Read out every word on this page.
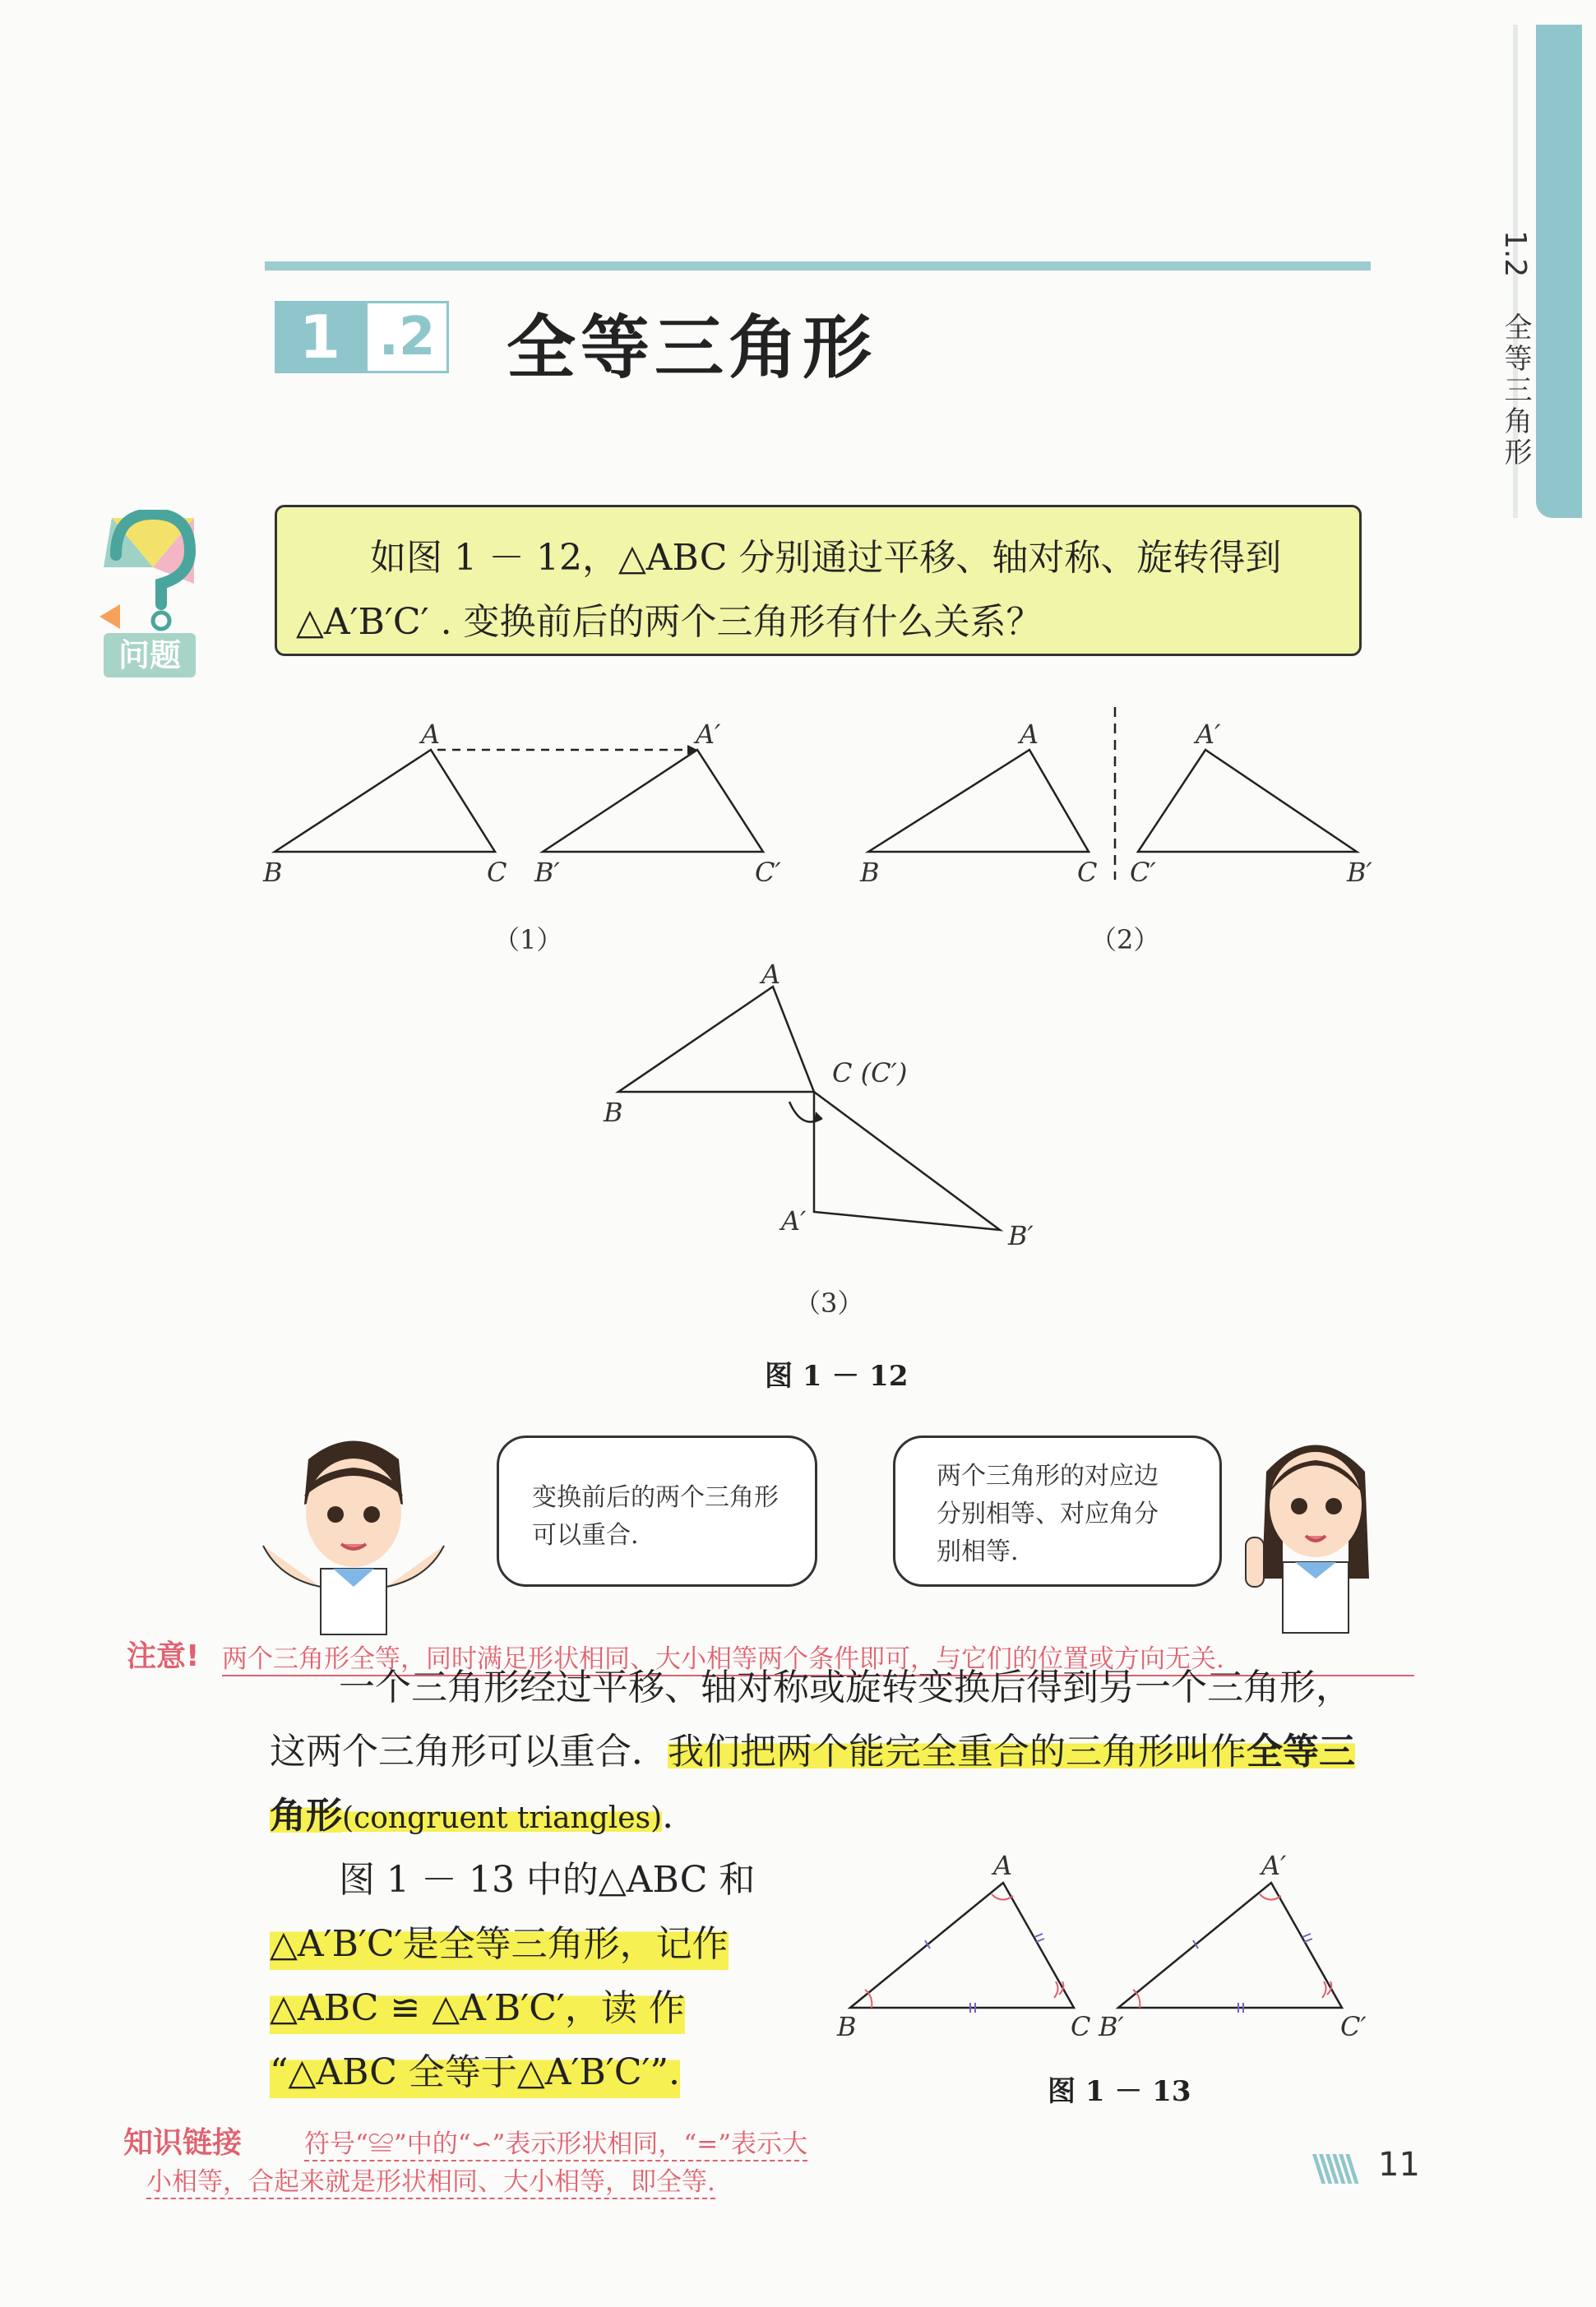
1.2
全等三角形
1 .2 全等三角形
问题
如图 1 － 12，△ABC 分别通过平移、轴对称、旋转得到
△A′B′C′ . 变换前后的两个三角形有什么关系？
A
B	C
A′
B′	C′
（1）
A
B	C
A′
B′
C′
（2）
A
B
C (C′)
A′	B′
（3）
图 1 － 12
变换前后的两个三角形可以重合.
两个三角形的对应边分别相等、对应角分别相等.
注意! 两个三角形全等，同时满足形状相同、大小相等两个条件即可，与它们的位置或方向无关.
一个三角形经过平移、轴对称或旋转变换后得到另一个三角形，
这两个三角形可以重合．我们把两个能完全重合的三角形叫作全等三
角形(congruent triangles).
图 1 － 13 中的△ABC 和
△A′B′C′是全等三角形，记作
△ABC ≌ △A′B′C′，读 作
“△ABC 全等于△A′B′C′”.
A
B	C
A′
B′	C′
图 1 － 13
知识链接 符号“≌”中的“∽”表示形状相同，“=”表示大
小相等，合起来就是形状相同、大小相等，即全等.	\\\\\\ 11
